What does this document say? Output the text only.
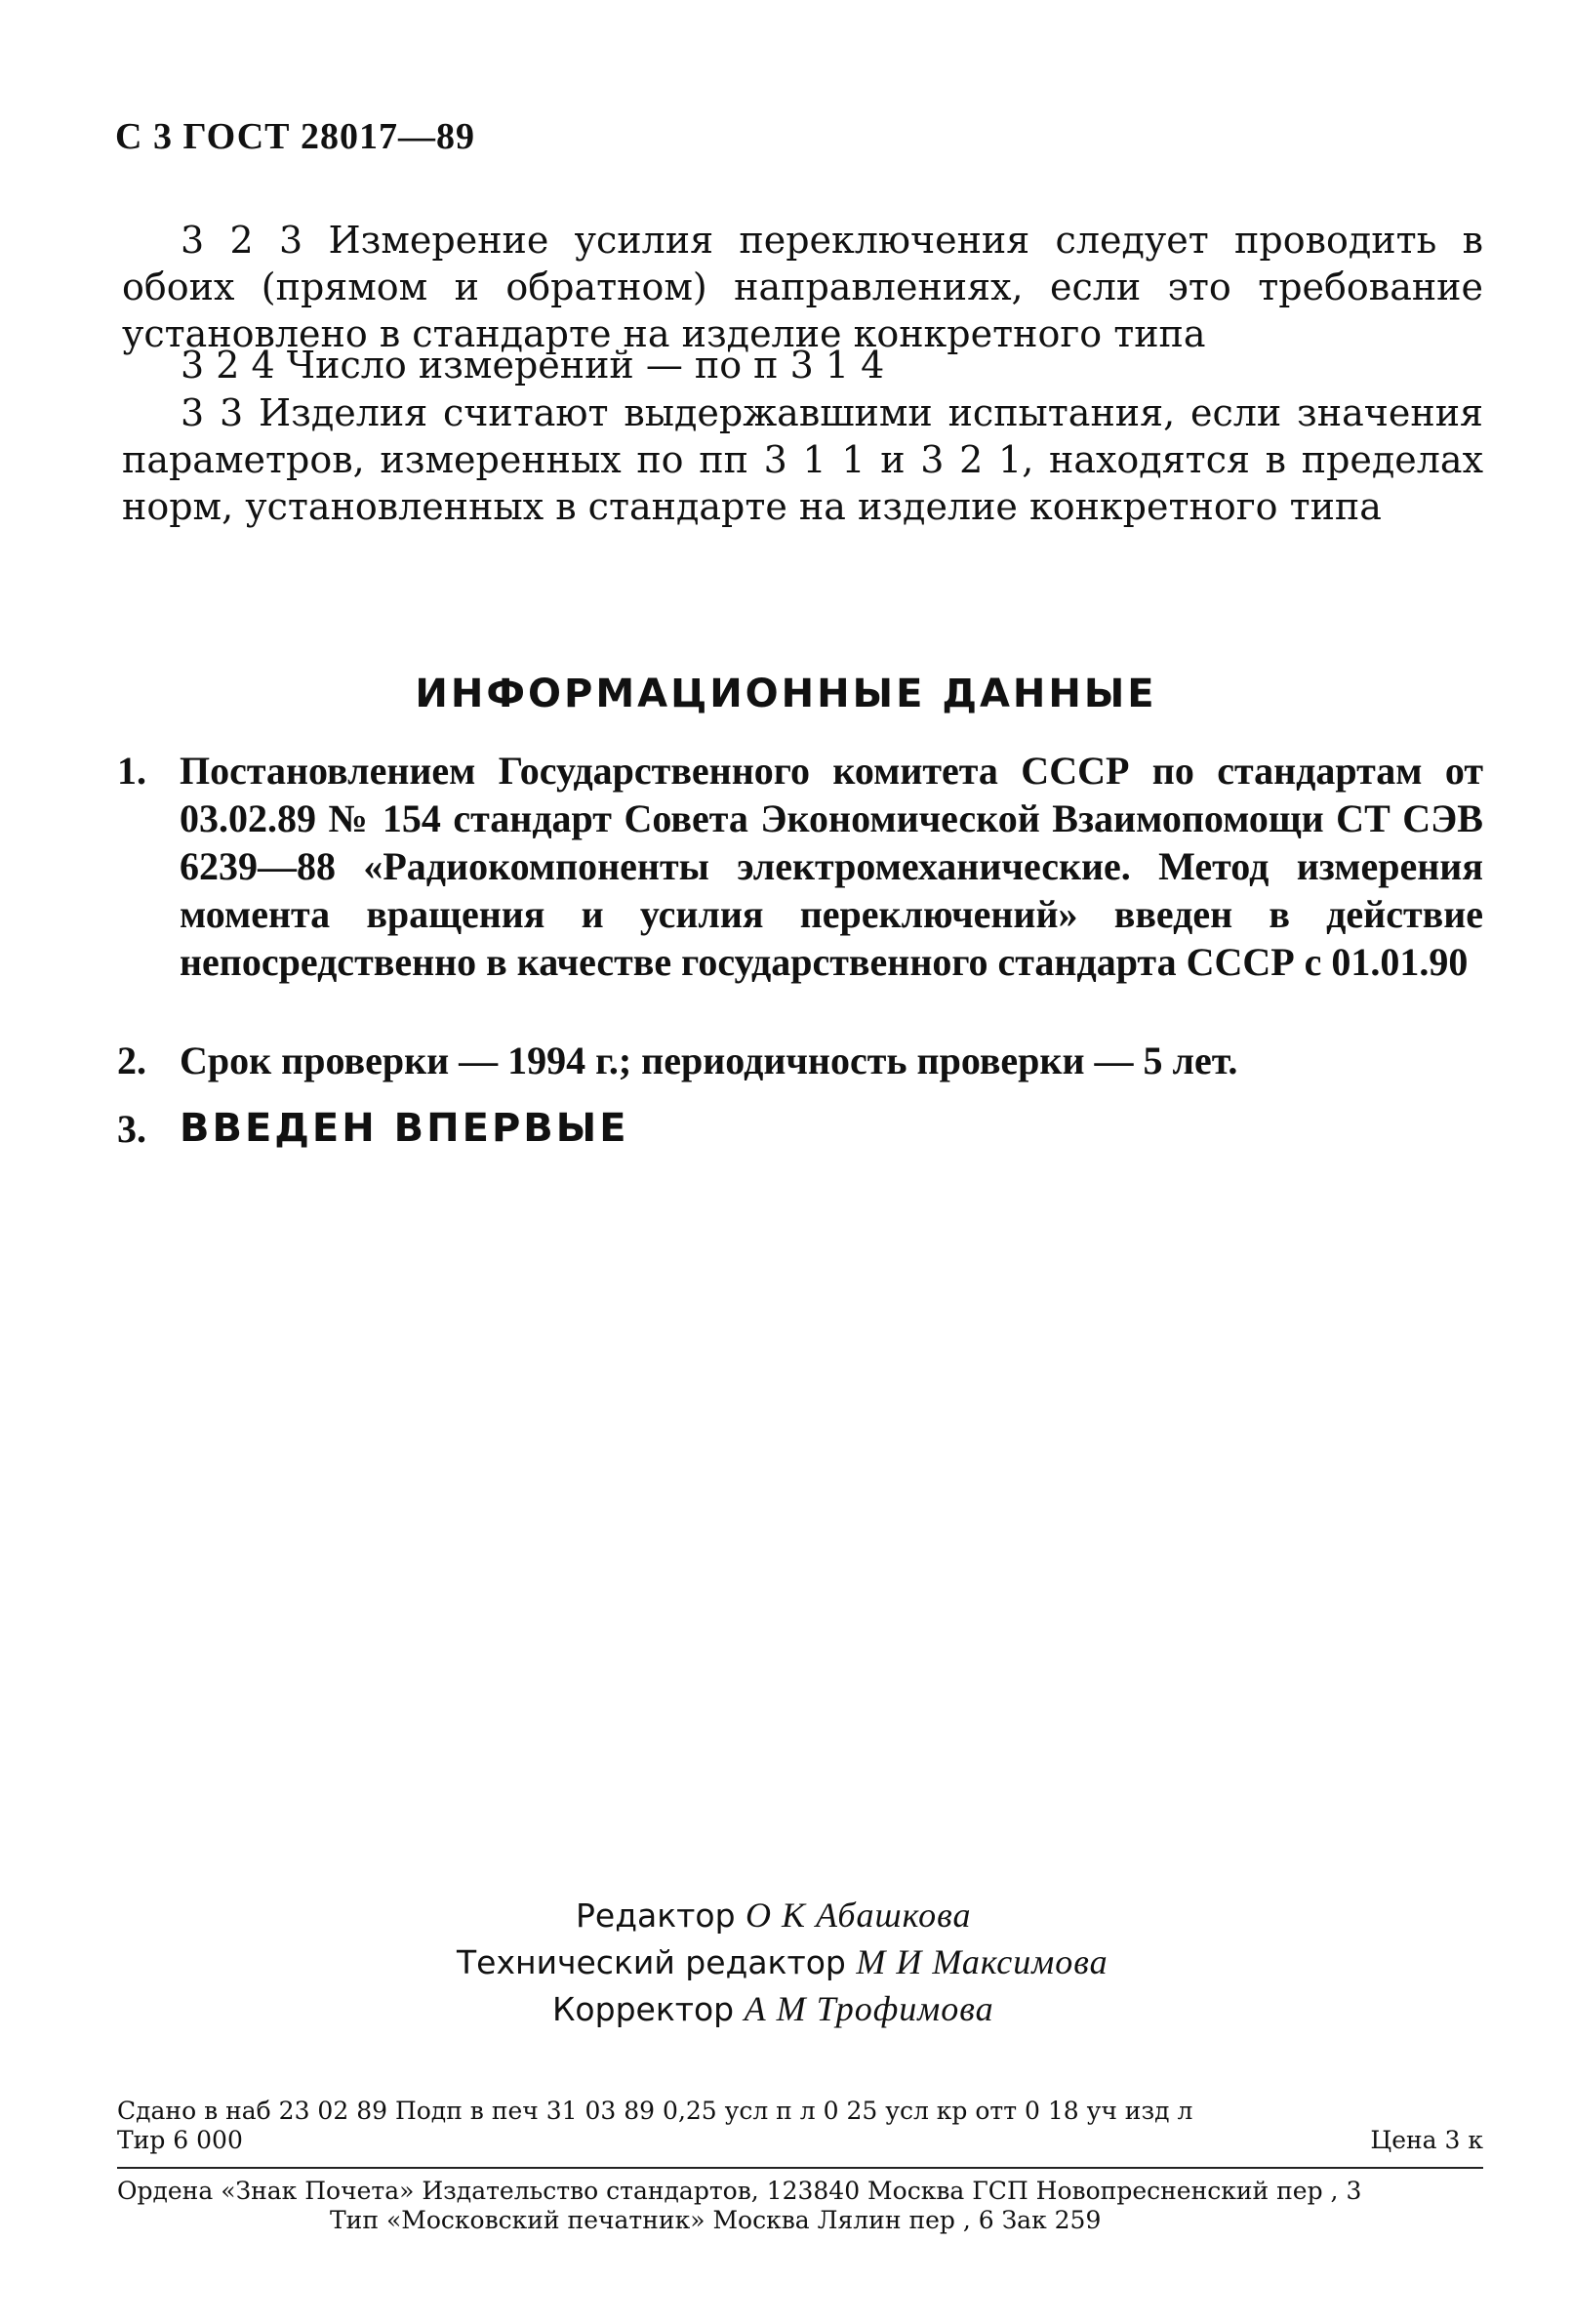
С 3 ГОСТ 28017—89

3 2 3 Измерение усилия переключения следует проводить в обоих (прямом и обратном) направлениях, если это требование установлено в стандарте на изделие конкретного типа

3 2 4 Число измерений — по п 3 1 4

3 3 Изделия считают выдержавшими испытания, если значения параметров, измеренных по пп 3 1 1 и 3 2 1, находятся в пределах норм, установленных в стандарте на изделие конкретного типа

ИНФОРМАЦИОННЫЕ ДАННЫЕ
1. Постановлением Государственного комитета СССР по стандартам от 03.02.89 № 154 стандарт Совета Экономической Взаимопомощи СТ СЭВ 6239—88 «Радиокомпоненты электромеханические. Метод измерения момента вращения и усилия переключений» введен в действие непосредственно в качестве государственного стандарта СССР с 01.01.90
2. Срок проверки — 1994 г.; периодичность проверки — 5 лет.
3. ВВЕДЕН ВПЕРВЫЕ
Редактор О К Абашкова
Технический редактор М И Максимова
Корректор А М Трофимова
Сдано в наб 23 02 89 Подп в печ 31 03 89 0,25 усл п л 0 25 усл кр отт 0 18 уч изд л
Тир 6 000	Цена 3 к
Ордена «Знак Почета» Издательство стандартов, 123840 Москва ГСП Новопресненский пер , 3
Тип «Московский печатник» Москва Лялин пер , 6 Зак 259
